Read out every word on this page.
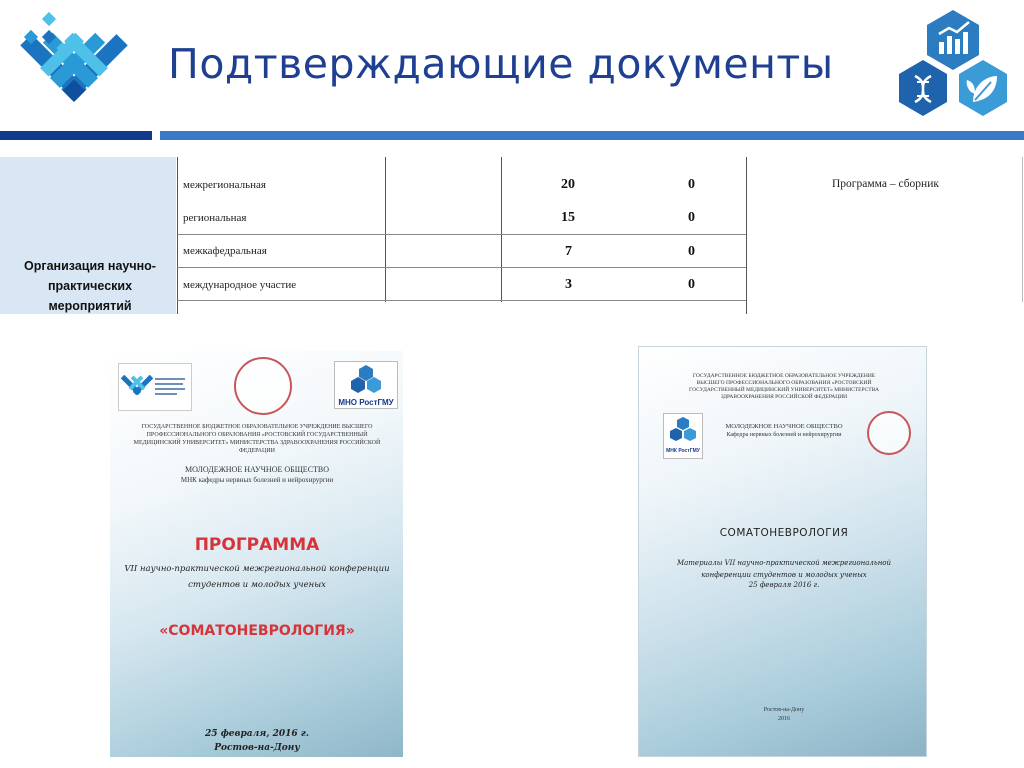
Подтверждающие документы
Организация научно-практических мероприятий
межрегиональная	20	0
региональная	15	0
межкафедральная	7	0
международное участие	3	0
Программа – сборник
МНО РостГМУ
ГОСУДАРСТВЕННОЕ БЮДЖЕТНОЕ ОБРАЗОВАТЕЛЬНОЕ УЧРЕЖДЕНИЕ ВЫСШЕГО ПРОФЕССИОНАЛЬНОГО ОБРАЗОВАНИЯ «РОСТОВСКИЙ ГОСУДАРСТВЕННЫЙ МЕДИЦИНСКИЙ УНИВЕРСИТЕТ» МИНИСТЕРСТВА ЗДРАВООХРАНЕНИЯ РОССИЙСКОЙ ФЕДЕРАЦИИ
МОЛОДЕЖНОЕ НАУЧНОЕ ОБЩЕСТВО
МНК кафедры нервных болезней и нейрохирургии
ПРОГРАММА
VII научно-практической межрегиональной конференции студентов и молодых ученых
«СОМАТОНЕВРОЛОГИЯ»
25 февраля, 2016 г.
Ростов-на-Дону
ГОСУДАРСТВЕННОЕ БЮДЖЕТНОЕ ОБРАЗОВАТЕЛЬНОЕ УЧРЕЖДЕНИЕ ВЫСШЕГО ПРОФЕССИОНАЛЬНОГО ОБРАЗОВАНИЯ «РОСТОВСКИЙ ГОСУДАРСТВЕННЫЙ МЕДИЦИНСКИЙ УНИВЕРСИТЕТ» МИНИСТЕРСТВА ЗДРАВООХРАНЕНИЯ РОССИЙСКОЙ ФЕДЕРАЦИИ
МНК РостГМУ
МОЛОДЕЖНОЕ НАУЧНОЕ ОБЩЕСТВО
Кафедра нервных болезней и нейрохирургии
СОМАТОНЕВРОЛОГИЯ
Материалы VII научно-практической межрегиональной конференции студентов и молодых ученых
25 февраля 2016 г.
Ростов-на-Дону
2016
